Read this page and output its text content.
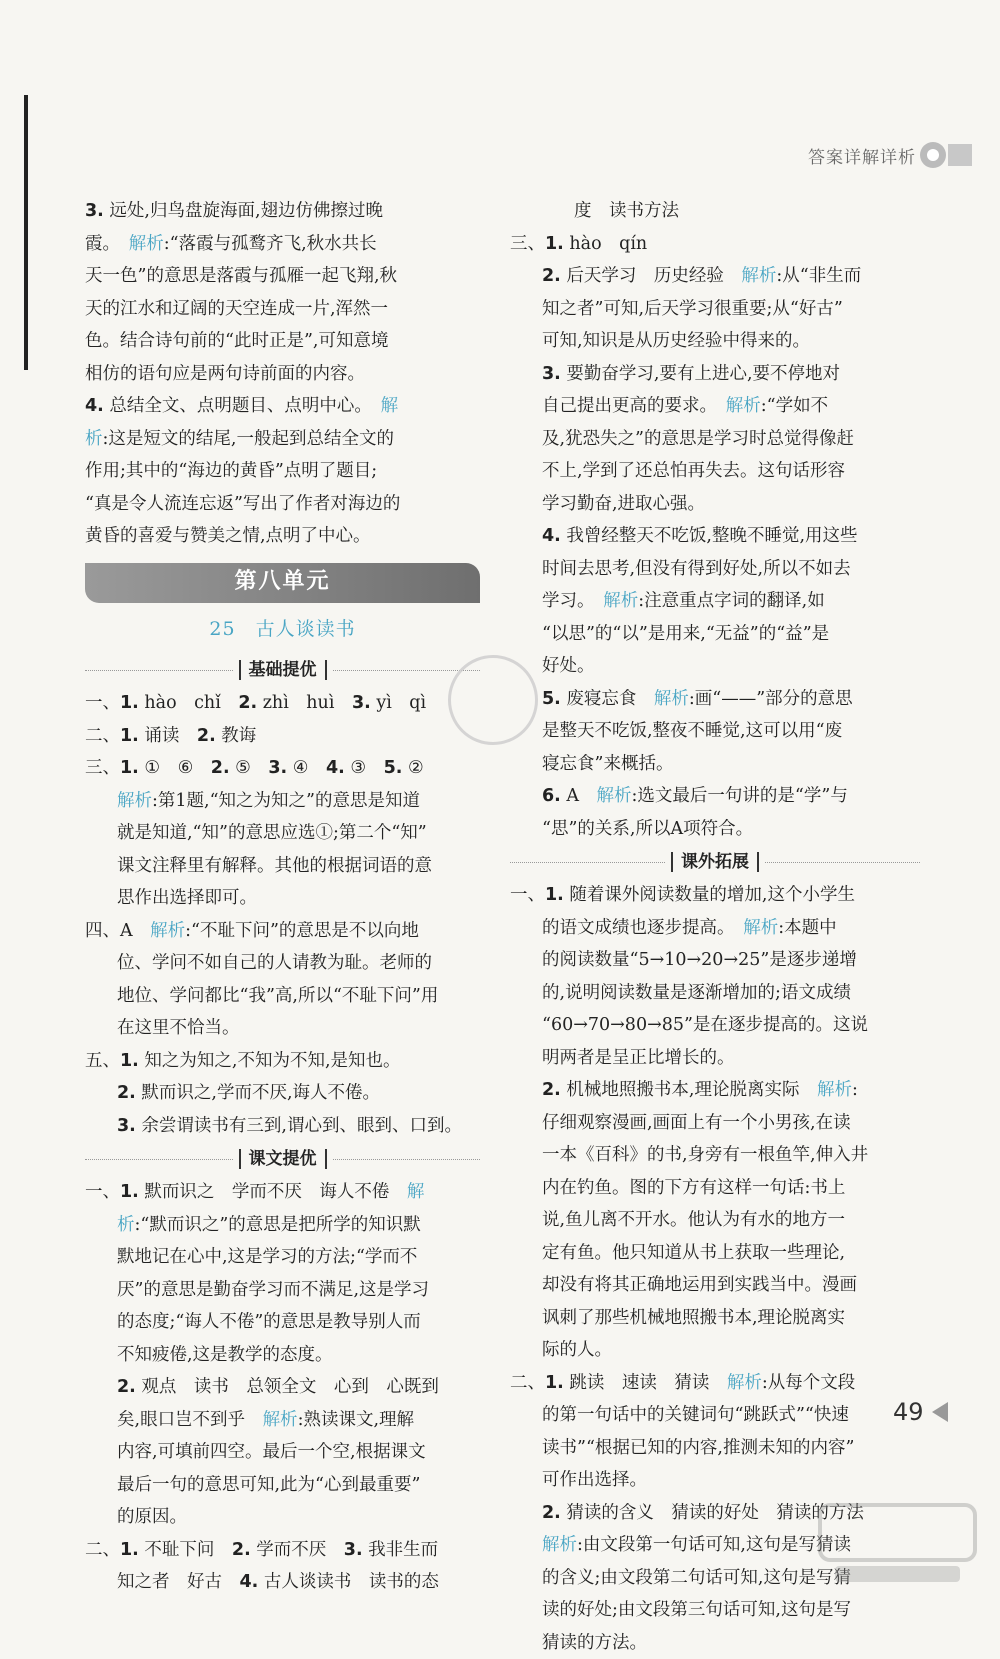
答案详解详析
3. 远处,归鸟盘旋海面,翅边仿佛擦过晚
霞。　解析:“落霞与孤鹜齐飞,秋水共长
天一色”的意思是落霞与孤雁一起飞翔,秋
天的江水和辽阔的天空连成一片,浑然一
色。结合诗句前的“此时正是”,可知意境
相仿的语句应是两句诗前面的内容。
4. 总结全文、点明题目、点明中心。　解
析:这是短文的结尾,一般起到总结全文的
作用;其中的“海边的黄昏”点明了题目;
“真是令人流连忘返”写出了作者对海边的
黄昏的喜爱与赞美之情,点明了中心。
第八单元
25　古人谈读书
基础提优
一、1. hào　chǐ　2. zhì　huì　3. yì　qì
二、1. 诵读　2. 教诲
三、1. ①　⑥　2. ⑤　3. ④　4. ③　5. ②
解析:第1题,“知之为知之”的意思是知道
就是知道,“知”的意思应选①;第二个“知”
课文注释里有解释。其他的根据词语的意
思作出选择即可。
四、A　解析:“不耻下问”的意思是不以向地
位、学问不如自己的人请教为耻。老师的
地位、学问都比“我”高,所以“不耻下问”用
在这里不恰当。
五、1. 知之为知之,不知为不知,是知也。
2. 默而识之,学而不厌,诲人不倦。
3. 余尝谓读书有三到,谓心到、眼到、口到。
课文提优
一、1. 默而识之　学而不厌　诲人不倦　解
析:“默而识之”的意思是把所学的知识默
默地记在心中,这是学习的方法;“学而不
厌”的意思是勤奋学习而不满足,这是学习
的态度;“诲人不倦”的意思是教导别人而
不知疲倦,这是教学的态度。
2. 观点　读书　总领全文　心到　心既到
矣,眼口岂不到乎　解析:熟读课文,理解
内容,可填前四空。最后一个空,根据课文
最后一句的意思可知,此为“心到最重要”
的原因。
二、1. 不耻下问　2. 学而不厌　3. 我非生而
知之者　好古　4. 古人谈读书　读书的态
度　读书方法
三、1. hào　qín
2. 后天学习　历史经验　解析:从“非生而
知之者”可知,后天学习很重要;从“好古”
可知,知识是从历史经验中得来的。
3. 要勤奋学习,要有上进心,要不停地对
自己提出更高的要求。　解析:“学如不
及,犹恐失之”的意思是学习时总觉得像赶
不上,学到了还总怕再失去。这句话形容
学习勤奋,进取心强。
4. 我曾经整天不吃饭,整晚不睡觉,用这些
时间去思考,但没有得到好处,所以不如去
学习。　解析:注意重点字词的翻译,如
“以思”的“以”是用来,“无益”的“益”是
好处。
5. 废寝忘食　解析:画“——”部分的意思
是整天不吃饭,整夜不睡觉,这可以用“废
寝忘食”来概括。
6. A　解析:选文最后一句讲的是“学”与
“思”的关系,所以A项符合。
课外拓展
一、1. 随着课外阅读数量的增加,这个小学生
的语文成绩也逐步提高。　解析:本题中
的阅读数量“5→10→20→25”是逐步递增
的,说明阅读数量是逐渐增加的;语文成绩
“60→70→80→85”是在逐步提高的。这说
明两者是呈正比增长的。
2. 机械地照搬书本,理论脱离实际　解析:
仔细观察漫画,画面上有一个小男孩,在读
一本《百科》的书,身旁有一根鱼竿,伸入井
内在钓鱼。图的下方有这样一句话:书上
说,鱼儿离不开水。他认为有水的地方一
定有鱼。他只知道从书上获取一些理论,
却没有将其正确地运用到实践当中。漫画
讽刺了那些机械地照搬书本,理论脱离实
际的人。
二、1. 跳读　速读　猜读　解析:从每个文段
的第一句话中的关键词句“跳跃式”“快速
读书”“根据已知的内容,推测未知的内容”
可作出选择。
2. 猜读的含义　猜读的好处　猜读的方法
解析:由文段第一句话可知,这句是写猜读
的含义;由文段第二句话可知,这句是写猜
读的好处;由文段第三句话可知,这句是写
猜读的方法。
49
